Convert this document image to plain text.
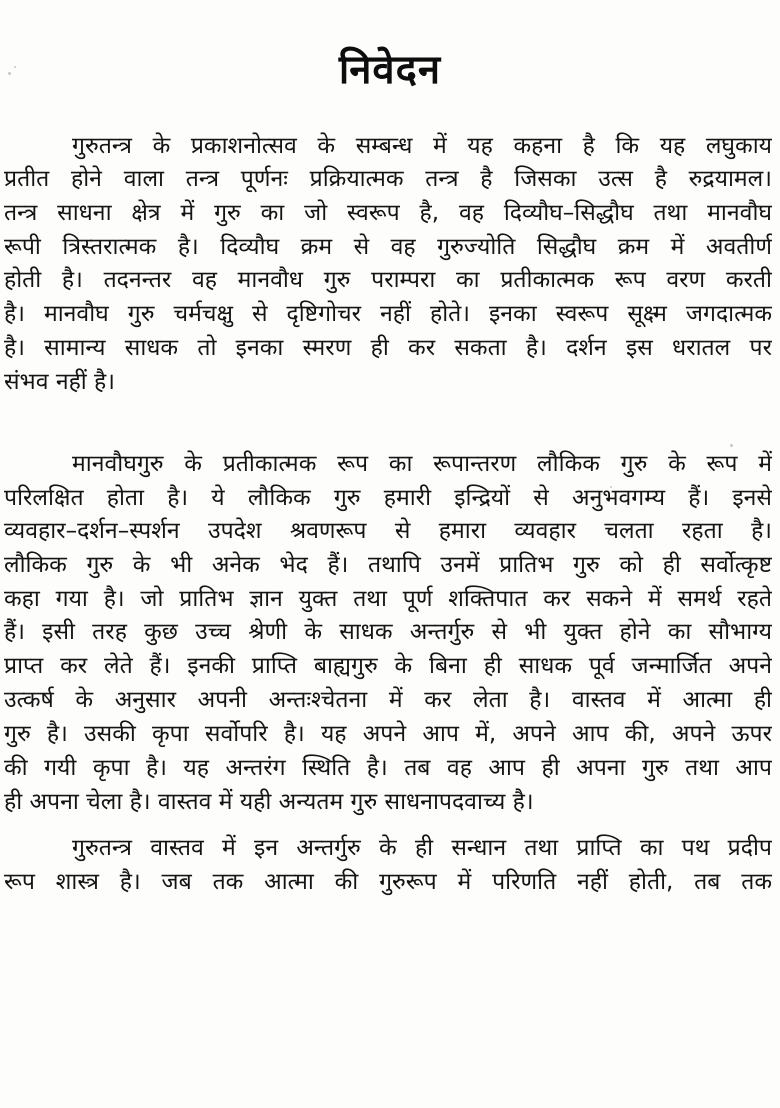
निवेदन
गुरुतन्त्र के प्रकाशनोत्सव के सम्बन्ध में यह कहना है कि यह लघुकाय
प्रतीत होने वाला तन्त्र पूर्णनः प्रक्रियात्मक तन्त्र है जिसका उत्स है रुद्रयामल।
तन्त्र साधना क्षेत्र में गुरु का जो स्वरूप है, वह दिव्यौघ–सिद्धौघ तथा मानवौघ
रूपी त्रिस्तरात्मक है। दिव्यौघ क्रम से वह गुरुज्योति सिद्धौघ क्रम में अवतीर्ण
होती है। तदनन्तर वह मानवौध गुरु पराम्परा का प्रतीकात्मक रूप वरण करती
है। मानवौघ गुरु चर्मचक्षु से दृष्टिगोचर नहीं होते। इनका स्वरूप सूक्ष्म जगदात्मक
है। सामान्य साधक तो इनका स्मरण ही कर सकता है। दर्शन इस धरातल पर
संभव नहीं है।
मानवौघगुरु के प्रतीकात्मक रूप का रूपान्तरण लौकिक गुरु के रूप में
परिलक्षित होता है। ये लौकिक गुरु हमारी इन्द्रियों से अनुभवगम्य हैं। इनसे
व्यवहार–दर्शन–स्पर्शन उपदेश श्रवणरूप से हमारा व्यवहार चलता रहता है।
लौकिक गुरु के भी अनेक भेद हैं। तथापि उनमें प्रातिभ गुरु को ही सर्वोत्कृष्ट
कहा गया है। जो प्रातिभ ज्ञान युक्त तथा पूर्ण शक्तिपात कर सकने में समर्थ रहते
हैं। इसी तरह कुछ उच्च श्रेणी के साधक अन्तर्गुरु से भी युक्त होने का सौभाग्य
प्राप्त कर लेते हैं। इनकी प्राप्ति बाह्यगुरु के बिना ही साधक पूर्व जन्मार्जित अपने
उत्कर्ष के अनुसार अपनी अन्तःश्चेतना में कर लेता है। वास्तव में आत्मा ही
गुरु है। उसकी कृपा सर्वोपरि है। यह अपने आप में, अपने आप की, अपने ऊपर
की गयी कृपा है। यह अन्तरंग स्थिति है। तब वह आप ही अपना गुरु तथा आप
ही अपना चेला है। वास्तव में यही अन्यतम गुरु साधनापदवाच्य है।
गुरुतन्त्र वास्तव में इन अन्तर्गुरु के ही सन्धान तथा प्राप्ति का पथ प्रदीप
रूप शास्त्र है। जब तक आत्मा की गुरुरूप में परिणति नहीं होती, तब तक
